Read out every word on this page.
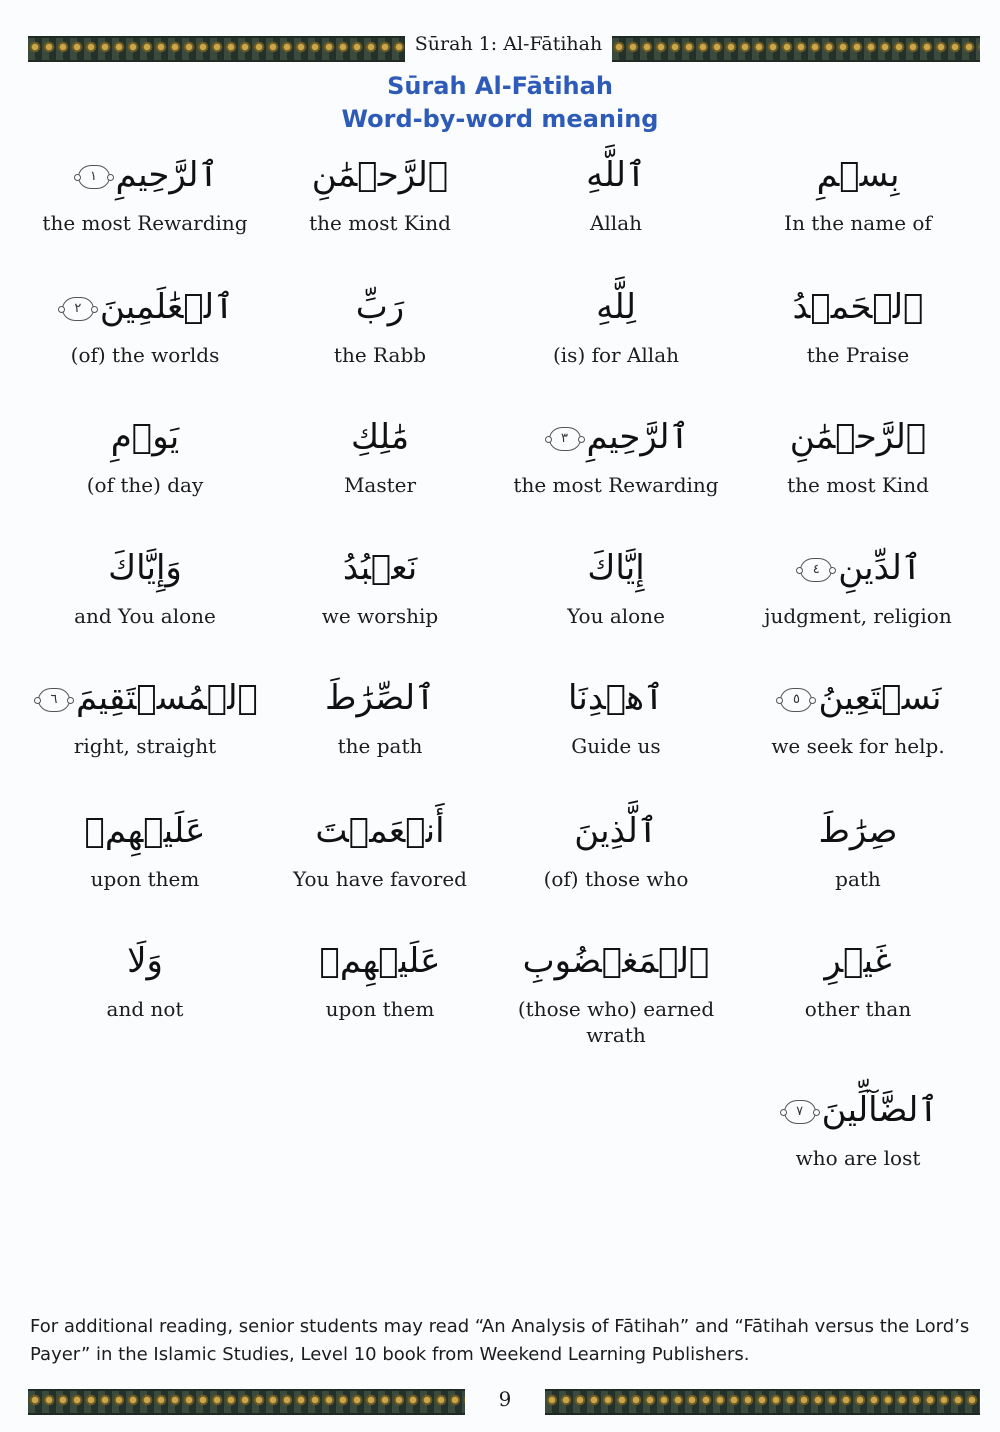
Sūrah 1: Al-Fātihah
Sūrah Al-Fātihah
Word-by-word meaning
بِسۡمِ
In the name of
ٱللَّهِ
Allah
ٱلرَّحۡمَٰنِ
the most Kind
ٱلرَّحِيمِ١
the most Rewarding
ٱلۡحَمۡدُ
the Praise
لِلَّهِ
(is) for Allah
رَبِّ
the Rabb
ٱلۡعَٰلَمِينَ٢
(of) the worlds
ٱلرَّحۡمَٰنِ
the most Kind
ٱلرَّحِيمِ٣
the most Rewarding
مَٰلِكِ
Master
يَوۡمِ
(of the) day
ٱلدِّينِ٤
judgment, religion
إِيَّاكَ
You alone
نَعۡبُدُ
we worship
وَإِيَّاكَ
and You alone
نَسۡتَعِينُ٥
we seek for help.
ٱهۡدِنَا
Guide us
ٱلصِّرَٰطَ
the path
ٱلۡمُسۡتَقِيمَ٦
right, straight
صِرَٰطَ
path
ٱلَّذِينَ
(of) those who
أَنۡعَمۡتَ
You have favored
عَلَيۡهِمۡ
upon them
غَيۡرِ
other than
ٱلۡمَغۡضُوبِ
(those who) earned wrath
عَلَيۡهِمۡ
upon them
وَلَا
and not
ٱلضَّآلِّينَ٧
who are lost
For additional reading, senior students may read “An Analysis of Fātihah” and “Fātihah versus the Lord’s Payer” in the Islamic Studies, Level 10 book from Weekend Learning Publishers.
9
